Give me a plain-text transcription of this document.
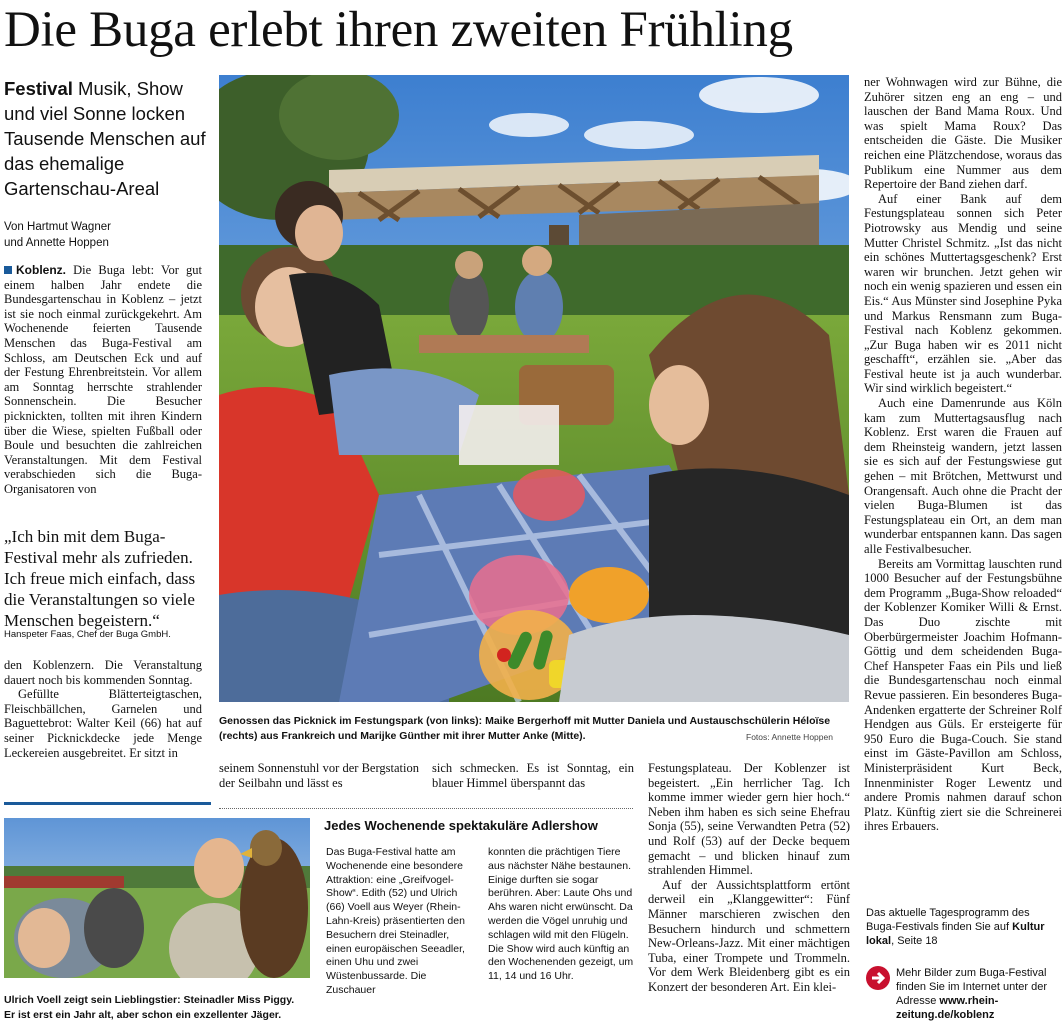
Die Buga erlebt ihren zweiten Frühling
Festival Musik, Show und viel Sonne locken Tausende Menschen auf das ehemalige Gartenschau-Areal
Von Hartmut Wagner
und Annette Hoppen

Koblenz. Die Buga lebt: Vor gut einem halben Jahr endete die Bundesgartenschau in Koblenz – jetzt ist sie noch einmal zurückgekehrt. Am Wochenende feierten Tausende Menschen das Buga-Festival am Schloss, am Deutschen Eck und auf der Festung Ehrenbreitstein. Vor allem am Sonntag herrschte strahlender Sonnenschein. Die Besucher picknickten, tollten mit ihren Kindern über die Wiese, spielten Fußball oder Boule und besuchten die zahlreichen Veranstaltungen. Mit dem Festival verabschieden sich die Buga-Organisatoren von

„Ich bin mit dem Buga-Festival mehr als zufrieden. Ich freue mich einfach, dass die Veranstaltungen so viele Menschen begeistern.“
Hanspeter Faas, Chef der Buga GmbH.

den Koblenzern. Die Veranstaltung dauert noch bis kommenden Sonntag.

Gefüllte Blätterteigtaschen, Fleischbällchen, Garnelen und Baguettebrot: Walter Keil (66) hat auf seiner Picknickdecke jede Menge Leckereien ausgebreitet. Er sitzt in

Genossen das Picknick im Festungspark (von links): Maike Bergerhoff mit Mutter Daniela und Austauschschülerin Héloïse (rechts) aus Frankreich und Marijke Günther mit ihrer Mutter Anke (Mitte).	Fotos: Annette Hoppen
seinem Sonnenstuhl vor der Bergstation der Seilbahn und lässt es
sich schmecken. Es ist Sonntag, ein blauer Himmel überspannt das

Festungsplateau. Der Koblenzer ist begeistert. „Ein herrlicher Tag. Ich komme immer wieder gern hier hoch.“ Neben ihm haben es sich seine Ehefrau Sonja (55), seine Verwandten Petra (52) und Rolf (53) auf der Decke bequem gemacht – und blicken hinauf zum strahlenden Himmel.

Auf der Aussichtsplattform ertönt derweil ein „Klanggewitter“: Fünf Männer marschieren zwischen den Besuchern hindurch und schmettern New-Orleans-Jazz. Mit einer mächtigen Tuba, einer Trompete und Trommeln. Vor dem Werk Bleidenberg gibt es ein Konzert der besonderen Art. Ein klei-

ner Wohnwagen wird zur Bühne, die Zuhörer sitzen eng an eng – und lauschen der Band Mama Roux. Und was spielt Mama Roux? Das entscheiden die Gäste. Die Musiker reichen eine Plätzchendose, woraus das Publikum eine Nummer aus dem Repertoire der Band ziehen darf.

Auf einer Bank auf dem Festungsplateau sonnen sich Peter Piotrowsky aus Mendig und seine Mutter Christel Schmitz. „Ist das nicht ein schönes Muttertagsgeschenk? Erst waren wir brunchen. Jetzt gehen wir noch ein wenig spazieren und essen ein Eis.“ Aus Münster sind Josephine Pyka und Markus Rensmann zum Buga-Festival nach Koblenz gekommen. „Zur Buga haben wir es 2011 nicht geschafft“, erzählen sie. „Aber das Festival heute ist ja auch wunderbar. Wir sind wirklich begeistert.“

Auch eine Damenrunde aus Köln kam zum Muttertagsausflug nach Koblenz. Erst waren die Frauen auf dem Rheinsteig wandern, jetzt lassen sie es sich auf der Festungswiese gut gehen – mit Brötchen, Mettwurst und Orangensaft. Auch ohne die Pracht der vielen Buga-Blumen ist das Festungsplateau ein Ort, an dem man wunderbar entspannen kann. Das sagen alle Festivalbesucher.

Bereits am Vormittag lauschten rund 1000 Besucher auf der Festungsbühne dem Programm „Buga-Show reloaded“ der Koblenzer Komiker Willi & Ernst. Das Duo zischte mit Oberbürgermeister Joachim Hofmann-Göttig und dem scheidenden Buga-Chef Hanspeter Faas ein Pils und ließ die Bundesgartenschau noch einmal Revue passieren. Ein besonderes Buga-Andenken ergatterte der Schreiner Rolf Hendgen aus Güls. Er ersteigerte für 950 Euro die Buga-Couch. Sie stand einst im Gäste-Pavillon am Schloss, Ministerpräsident Kurt Beck, Innenminister Roger Lewentz und andere Promis nahmen darauf schon Platz. Künftig ziert sie die Schreinerei ihres Erbauers.

Das aktuelle Tagesprogramm des Buga-Festivals finden Sie auf Kultur lokal, Seite 18
Mehr Bilder zum Buga-Festival finden Sie im Internet unter der Adresse www.rhein-zeitung.de/koblenz
Ulrich Voell zeigt sein Lieblingstier: Steinadler Miss Piggy.
Er ist erst ein Jahr alt, aber schon ein exzellenter Jäger.
Jedes Wochenende spektakuläre Adlershow
Das Buga-Festival hatte am Wochenende eine besondere Attraktion: eine „Greifvogel-Show“. Edith (52) und Ulrich (66) Voell aus Weyer (Rhein-Lahn-Kreis) präsentierten den Besuchern drei Steinadler, einen europäischen Seeadler, einen Uhu und zwei Wüstenbussarde. Die Zuschauer
konnten die prächtigen Tiere aus nächster Nähe bestaunen. Einige durften sie sogar berühren. Aber: Laute Ohs und Ahs waren nicht erwünscht. Da werden die Vögel unruhig und schlagen wild mit den Flügeln. Die Show wird auch künftig an den Wochenenden gezeigt, um 11, 14 und 16 Uhr.
